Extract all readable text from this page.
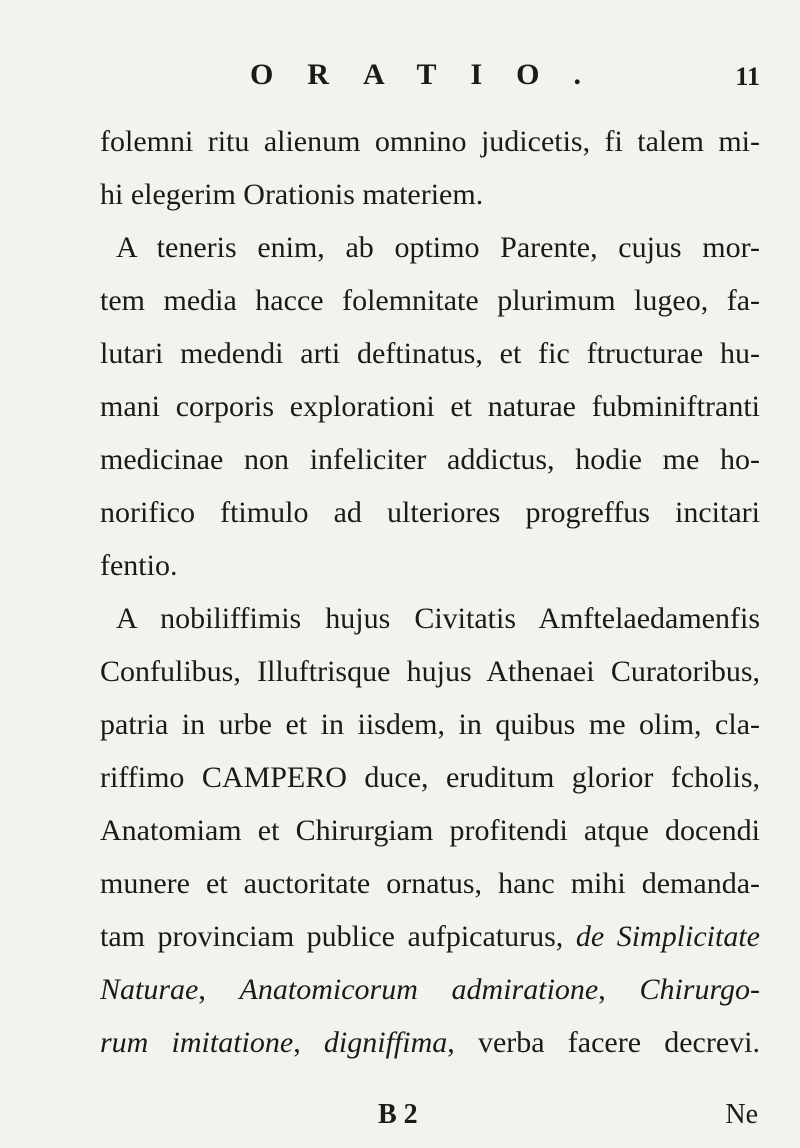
ORATIO.	11
folemni ritu alienum omnino judicetis, fi talem mi-
hi elegerim Orationis materiem.
A teneris enim, ab optimo Parente, cujus mor-
tem media hacce folemnitate plurimum lugeo, fa-
lutari medendi arti deftinatus, et fic ftructurae hu-
mani corporis explorationi et naturae fubminiftranti
medicinae non infeliciter addictus, hodie me ho-
norifico ftimulo ad ulteriores progreffus incitari
fentio.
A nobiliffimis hujus Civitatis Amftelaedamenfis
Confulibus, Illuftrisque hujus Athenaei Curatoribus,
patria in urbe et in iisdem, in quibus me olim, cla-
riffimo CAMPERO duce, eruditum glorior fcholis,
Anatomiam et Chirurgiam profitendi atque docendi
munere et auctoritate ornatus, hanc mihi demanda-
tam provinciam publice aufpicaturus, de Simplicitate
Naturae, Anatomicorum admiratione, Chirurgo-
rum imitatione, digniffima, verba facere decrevi.
B 2	Ne
